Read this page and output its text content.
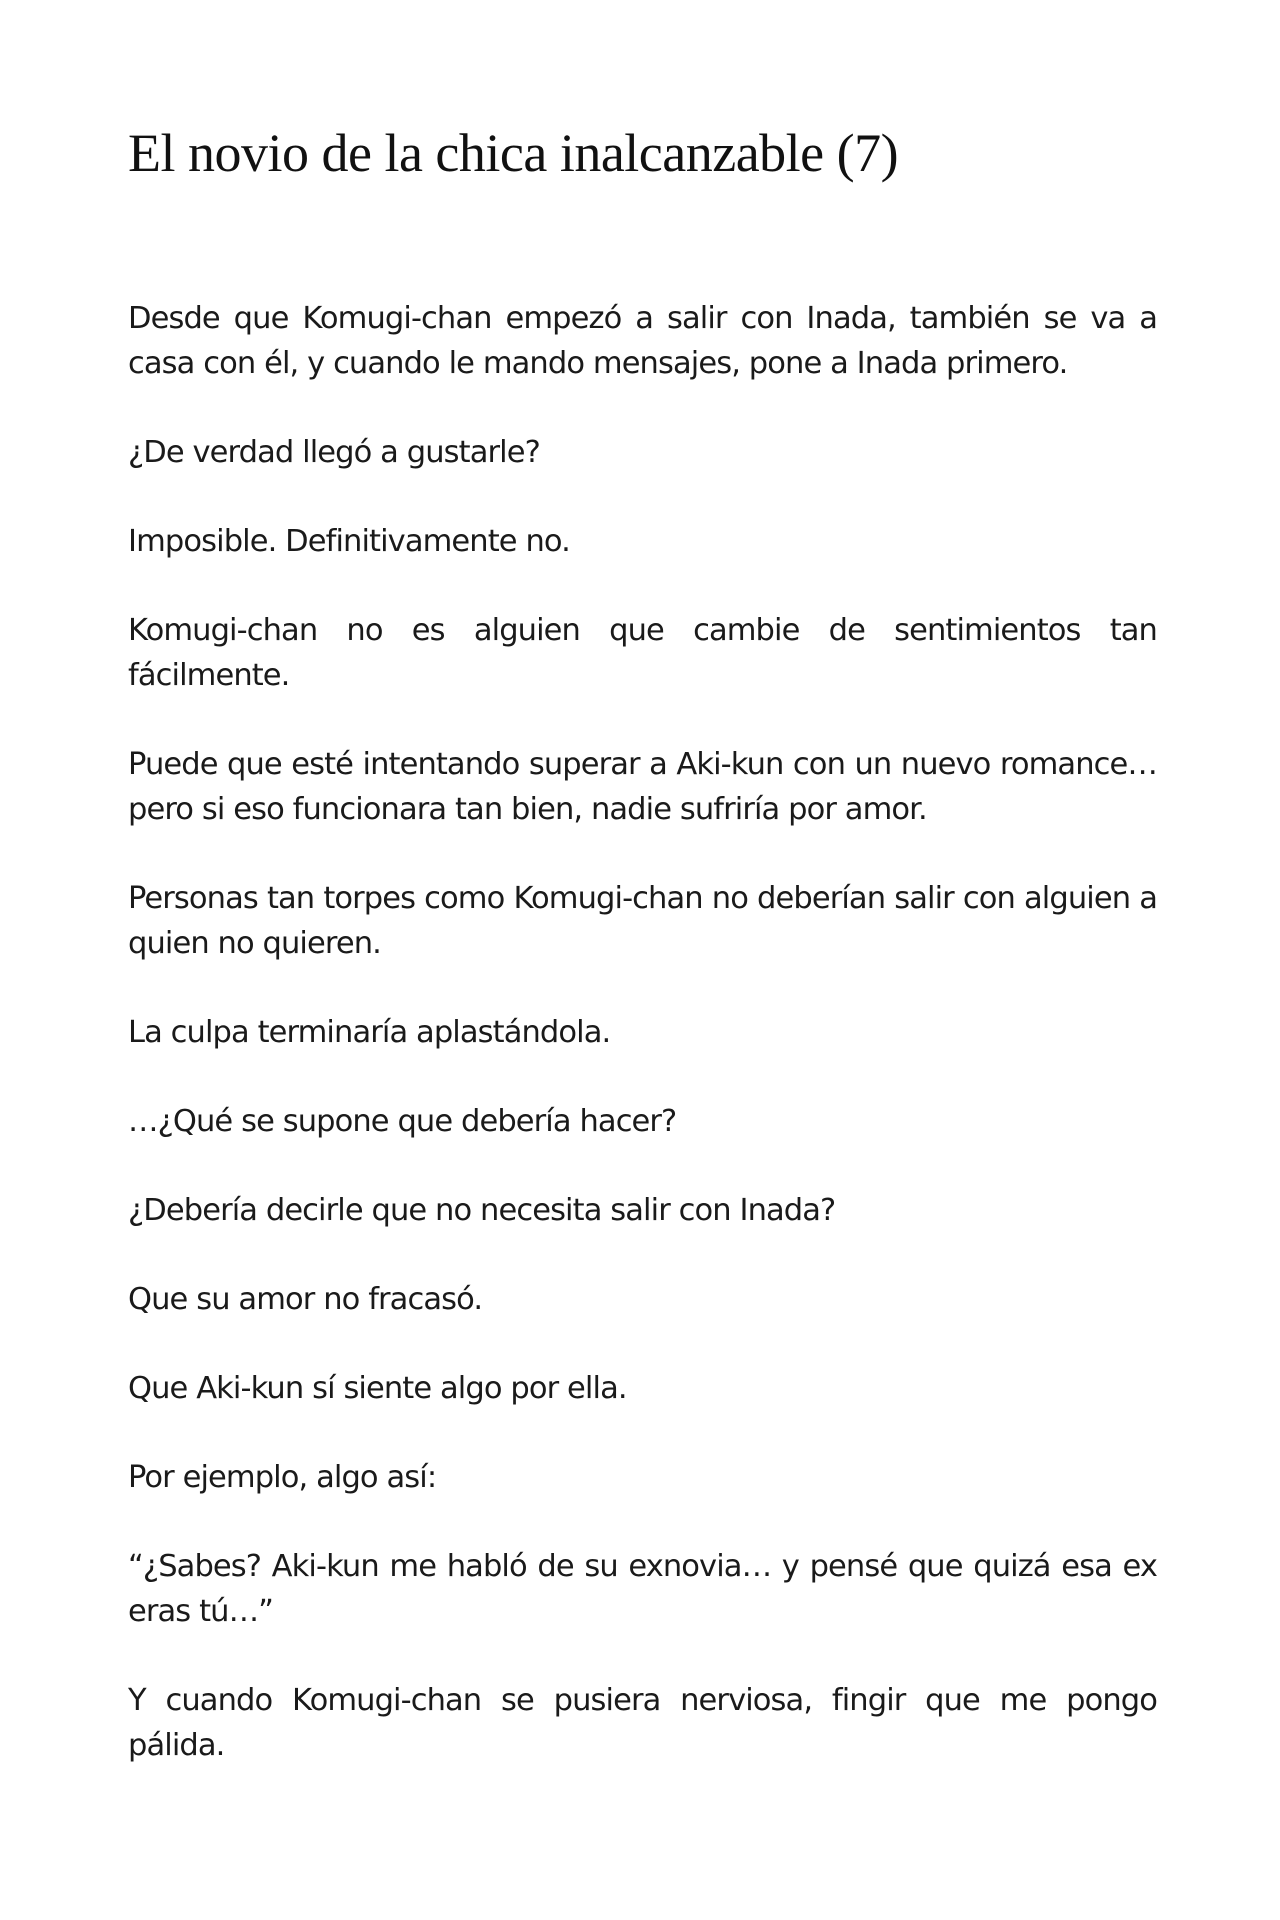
El novio de la chica inalcanzable (7)

Desde que Komugi-chan empezó a salir con Inada, también se va a casa con él, y cuando le mando mensajes, pone a Inada primero.

¿De verdad llegó a gustarle?

Imposible. Definitivamente no.

Komugi-chan no es alguien que cambie de sentimientos tan fácilmente.

Puede que esté intentando superar a Aki-kun con un nuevo romance… pero si eso funcionara tan bien, nadie sufriría por amor.

Personas tan torpes como Komugi-chan no deberían salir con alguien a quien no quieren.

La culpa terminaría aplastándola.

…¿Qué se supone que debería hacer?

¿Debería decirle que no necesita salir con Inada?

Que su amor no fracasó.

Que Aki-kun sí siente algo por ella.

Por ejemplo, algo así:

“¿Sabes? Aki-kun me habló de su exnovia… y pensé que quizá esa ex eras tú…”

Y cuando Komugi-chan se pusiera nerviosa, fingir que me pongo pálida.
